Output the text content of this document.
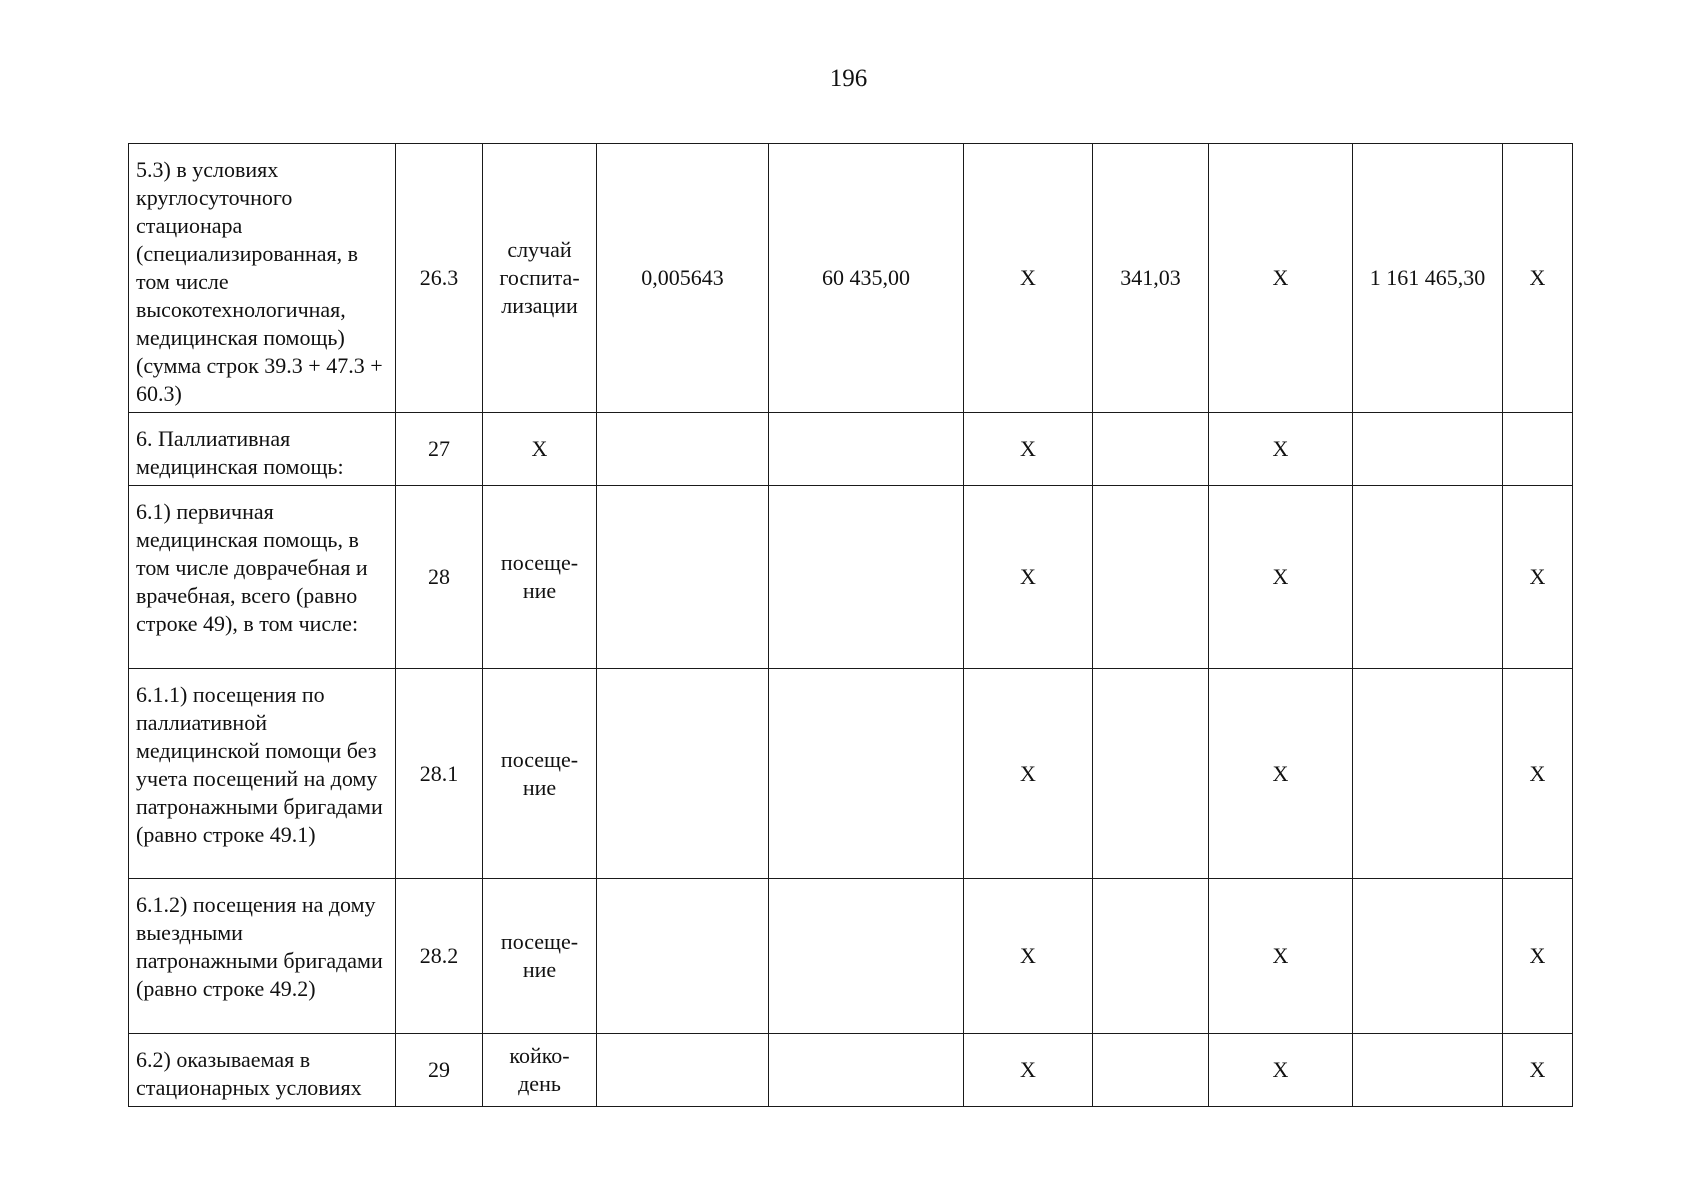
196
5.3) в условиях круглосуточного стационара (специализированная, в том числе высокотехнологичная, медицинская помощь) (сумма строк 39.3 + 47.3 + 60.3)	26.3	случай
госпита-
лизации	0,005643	60 435,00	Х	341,03	Х	1 161 465,30	Х
6. Паллиативная медицинская помощь:	27	Х			Х		Х		
6.1) первичная медицинская помощь, в том числе доврачебная и врачебная, всего (равно строке 49), в том числе:	28	посеще-
ние			Х		Х		Х
6.1.1) посещения по паллиативной медицинской помощи без учета посещений на дому патронажными бригадами (равно строке 49.1)	28.1	посеще-
ние			Х		Х		Х
6.1.2) посещения на дому выездными патронажными бригадами (равно строке 49.2)	28.2	посеще-
ние			Х		Х		Х
6.2) оказываемая в стационарных условиях	29	койко-
день			Х		Х		Х
